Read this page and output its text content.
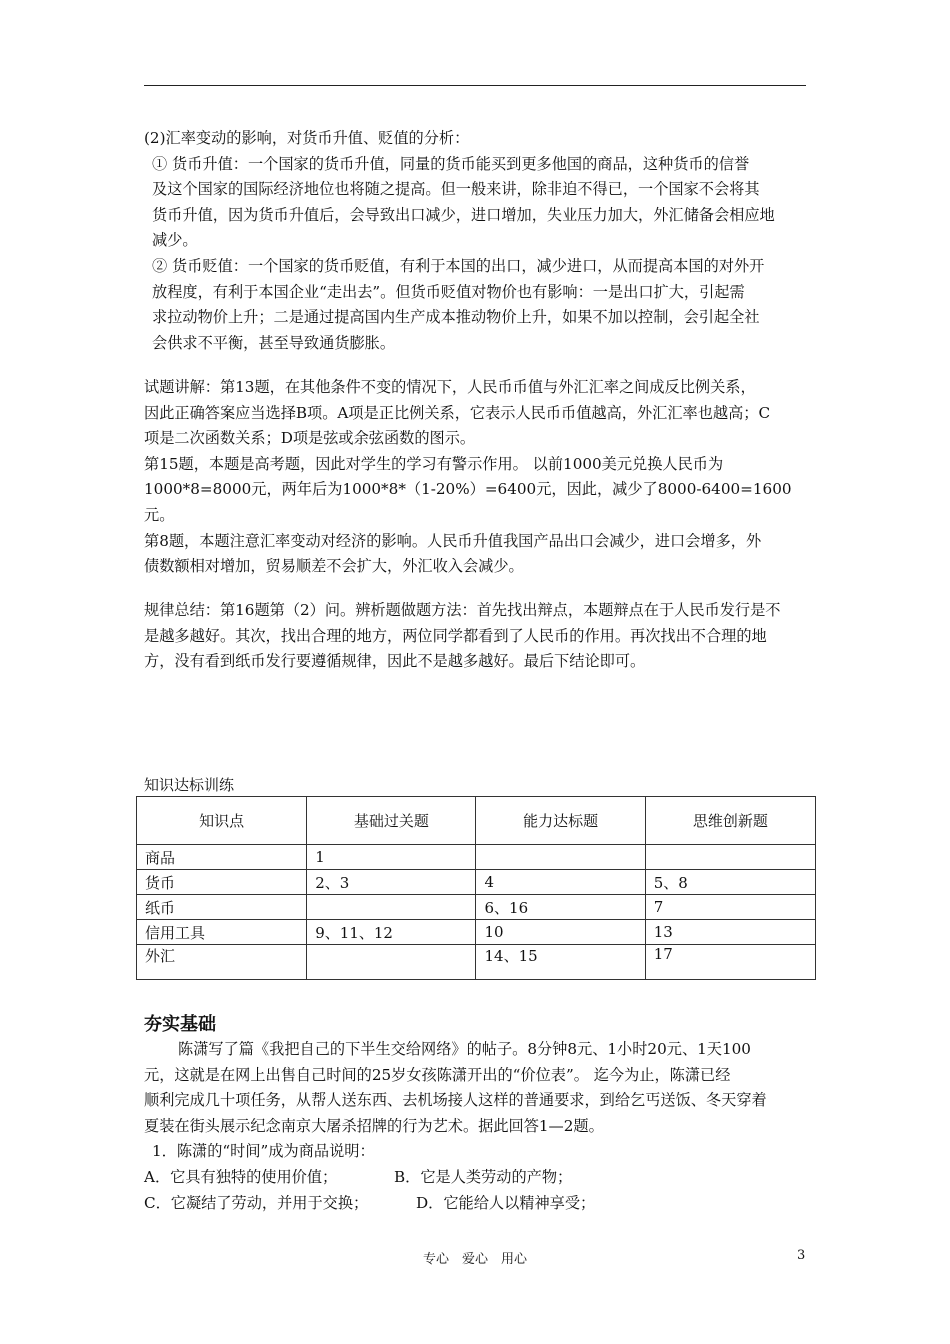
(2)汇率变动的影响，对货币升值、贬值的分析：

① 货币升值：一个国家的货币升值，同量的货币能买到更多他国的商品，这种货币的信誉

及这个国家的国际经济地位也将随之提高。但一般来讲，除非迫不得已，一个国家不会将其

货币升值，因为货币升值后，会导致出口减少，进口增加，失业压力加大，外汇储备会相应地

减少。

② 货币贬值：一个国家的货币贬值，有利于本国的出口，减少进口，从而提高本国的对外开

放程度，有利于本国企业“走出去”。但货币贬值对物价也有影响：一是出口扩大，引起需

求拉动物价上升；二是通过提高国内生产成本推动物价上升，如果不加以控制，会引起全社

会供求不平衡，甚至导致通货膨胀。

试题讲解：第13题，在其他条件不变的情况下，人民币币值与外汇汇率之间成反比例关系，

因此正确答案应当选择B项。A项是正比例关系，它表示人民币币值越高，外汇汇率也越高；C

项是二次函数关系；D项是弦或余弦函数的图示。

第15题，本题是高考题，因此对学生的学习有警示作用。 以前1000美元兑换人民币为

1000*8=8000元，两年后为1000*8*（1-20%）=6400元，因此，减少了8000-6400=1600元。

第8题，本题注意汇率变动对经济的影响。人民币升值我国产品出口会减少，进口会增多，外

债数额相对增加，贸易顺差不会扩大，外汇收入会减少。

规律总结：第16题第（2）问。辨析题做题方法：首先找出辩点，本题辩点在于人民币发行是不

是越多越好。其次，找出合理的地方，两位同学都看到了人民币的作用。再次找出不合理的地

方，没有看到纸币发行要遵循规律，因此不是越多越好。最后下结论即可。

知识达标训练
知识点	基础过关题	能力达标题	思维创新题
商品	1		
货币	2、3	4	5、8
纸币		6、16	7
信用工具	9、11、12	10	13
外汇		14、15	17
夯实基础

陈潇写了篇《我把自己的下半生交给网络》的帖子。8分钟8元、1小时20元、1天100

元，这就是在网上出售自己时间的25岁女孩陈潇开出的“价位表”。 迄今为止，陈潇已经

顺利完成几十项任务，从帮人送东西、去机场接人这样的普通要求，到给乞丐送饭、冬天穿着

夏装在街头展示纪念南京大屠杀招牌的行为艺术。据此回答1—2题。

1．陈潇的“时间”成为商品说明：

A．它具有独特的使用价值；	B．它是人类劳动的产物；
C．它凝结了劳动，并用于交换；	D．它能给人以精神享受；
专心　爱心　用心	3
